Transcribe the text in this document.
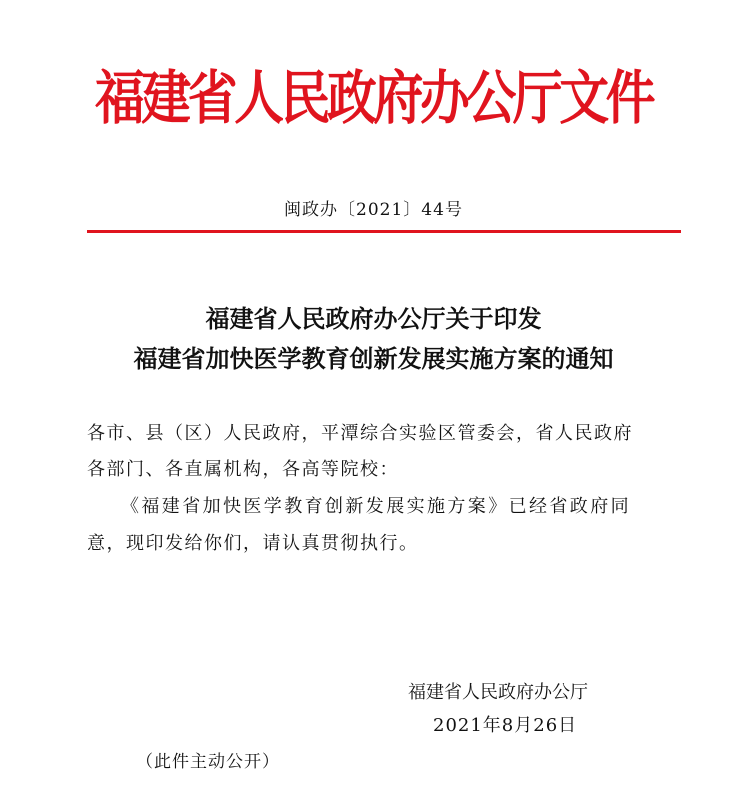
福建省人民政府办公厅文件
闽政办〔2021〕44号
福建省人民政府办公厅关于印发
福建省加快医学教育创新发展实施方案的通知
各市、县（区）人民政府，平潭综合实验区管委会，省人民政府
各部门、各直属机构，各高等院校：
《福建省加快医学教育创新发展实施方案》已经省政府同
意，现印发给你们，请认真贯彻执行。
福建省人民政府办公厅
2021年8月26日
（此件主动公开）
